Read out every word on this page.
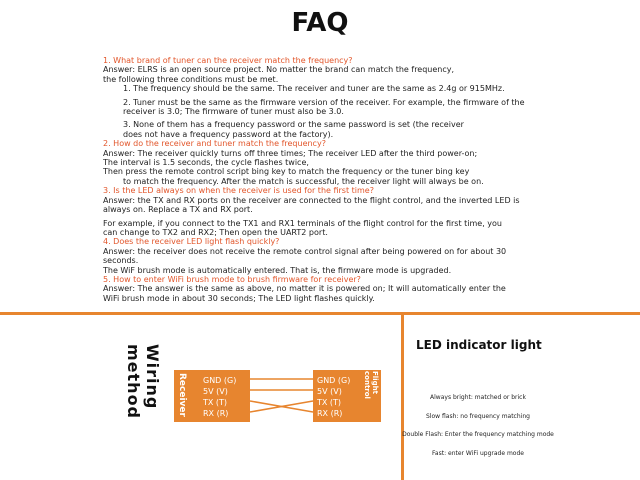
FAQ
1. What brand of tuner can the receiver match the frequency?
Answer: ELRS is an open source project. No matter the brand can match the frequency,
the following three conditions must be met.
1. The frequency should be the same. The receiver and tuner are the same as 2.4g or 915MHz.
2. Tuner must be the same as the firmware version of the receiver. For example, the firmware of the
receiver is 3.0; The firmware of tuner must also be 3.0.
3. None of them has a frequency password or the same password is set (the receiver
does not have a frequency password at the factory).
2. How do the receiver and tuner match the frequency?
Answer: The receiver quickly turns off three times; The receiver LED after the third power-on;
The interval is 1.5 seconds, the cycle flashes twice,
Then press the remote control script bing key to match the frequency or the tuner bing key
to match the frequency. After the match is successful, the receiver light will always be on.
3. Is the LED always on when the receiver is used for the first time?
Answer: the TX and RX ports on the receiver are connected to the flight control, and the inverted LED is
always on. Replace a TX and RX port.
For example, if you connect to the TX1 and RX1 terminals of the flight control for the first time, you
can change to TX2 and RX2; Then open the UART2 port.
4. Does the receiver LED light flash quickly?
Answer: the receiver does not receive the remote control signal after being powered on for about 30 seconds.
The WiF brush mode is automatically entered. That is, the firmware mode is upgraded.
5. How to enter WiFi brush mode to brush firmware for receiver?
Answer: The answer is the same as above, no matter it is powered on; It will automatically enter the
WiFi brush mode in about 30 seconds; The LED light flashes quickly.
Wiring method	Receiver GND (G)
5V (V)
TX (T)
RX (R)
Flight control
GND (G)
5V (V)
TX (T)
RX (R)
LED indicator light
Always bright: matched or brick
Slow flash: no frequency matching
Double Flash: Enter the frequency matching mode
Fast: enter WiFi upgrade mode
